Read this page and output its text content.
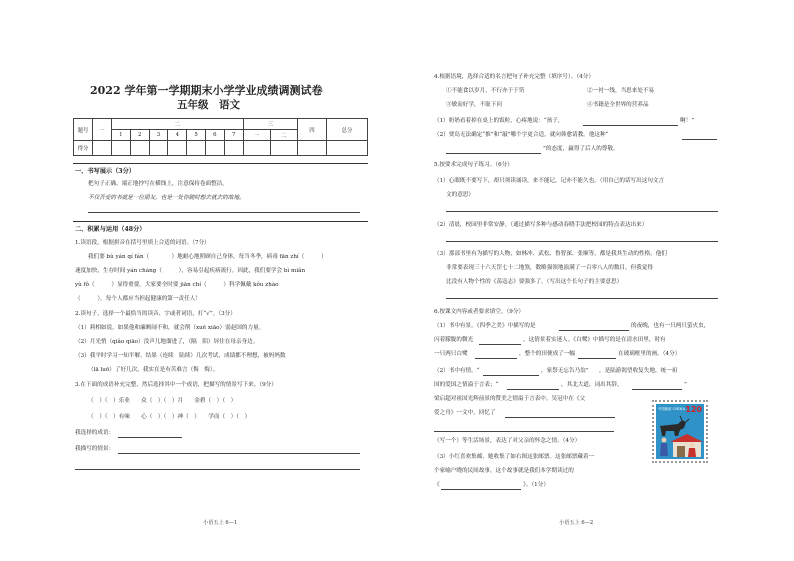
2022 学年第一学期期末小学学业成绩调测试卷
五年级　语文
题号	一	二							三		四	总分
		1	2	3	4	5	6	7	一	二		
得分												
一、书写展示（3分）
把句子正确、端正地抄写在横线上，注意保持卷面整洁。
不仅吾爱的书就是一位朋友，也是一处你随时想去就去的故地。
二、积累与运用（48分）
1.读语段，根据拼音在括号里填上合适的词语。（7分）
我们要 bù yán qí fán（　　　　）地耐心地照顾自己身体，每当冬季，病毒 fān zhí（　　　）
速度加快，生存时间 yán cháng（　　　），容易引起疾病流行。因此，我们要学会 bì miǎn
yù fǒ（　　　）显得重要。大家要全时要 jiān chí（　　　）科学佩戴 kǒu zhào
（　　　），每个人都应当担起健康的第一责任人！
2.读句子，选择一个最恰当的读音、字或者词语，打“√”。（3分）
（1）莉相如说，如果他和廉颇闹不和，就会削（xuē xiāo）弱赵国的力量。
（2）月光悄（qiǎo qiāo）没声儿地溜进了，（隔　陌）屏住在母亲身边。
（3）我平时学习一知半解，结果（连续　陆续）几次考试，成绩都不理想，被妈妈数
（lā luō）了好几次，我实在是有苦难言（悔　悔）。
3.在下面的成语补充完整，然后选择其中一个成语，把描写的情景写下来。（9分）
（　）（　）乐业　　众（　）（　）月　　金碧（　）（　）
（　）（　）有味　　心（　）（　）神（　）　　学而（　）（　）
我选择的成语：
我描写的情景：
小语五上 6—1
4.根据语境，选择合适的名言把句子补充完整（填序号）。（4分）
①不能食以岁月，不行亦于于笥	②一衬一线，当思来处不易
③敏而好学，不耻下问	④书籍是全世界的营养品
（1）奶奶看着掉在桌上的饭粒，心疼地说：“孩子，	啊！”
（2）贾岛无法确定“推”和“敲”哪个字更合适，就向韩愈请教。他这种“
”的态度，赢得了后人的尊敬。
5.按要求完成句子练习。（6分）
（1）心眼既不要写下，却只须读诵读，来不能记，记亦不能久也。（用自己的话写出这句文言
文的意思）
（2）清晨，校园里非常安静。（通过描写多种与感动春晓手法把校园的特点表达出来）
（3）那部书里有为描写的人物，如林冲、武松、鲁智深、张顺等，都是我其生动的性格，他们
非常要表现三十六天罡七十二地煞，数略强领地演满了一百零八人的数目，但我觉得
比没有人物个性的《荡寇志》要强多了。（写出这个长句子的主要意思）
6.按课文内容或者要求填空。（9分）
（1）书中有景。《四季之美》中描写的是	的夜晚，也有一只两只萤火虫，
闪着朦胧的微光	，这情景着实迷人。《白鹭》中描写的是在清水田里，时有
一只两只白鹭	，整个的田便成了一幅	在玻璃框里的画。（4分）
（2）书中有情。“	，家祭无忘告乃翁” ，是陆游渴望收复失地，统一祖
国的爱国之情溢于言表；“	，其北大道，词出其辞，	”
梁启超对祖国光辉前景的赞美之情溢于言表中。吴冠中在《父
爱之舟》一文中，回忆了
（写一个）等生活场景，表达了对父亲的怀念之情。（4分）
（3）小红喜欢集邮，她收集了如右图这张邮票。这张邮票藏着一
个家喻户晓的民间故事，这个故事就是我们本学期读过的
《	》。（1分）
中国邮政 CHINA 120
小语五上 6—2
